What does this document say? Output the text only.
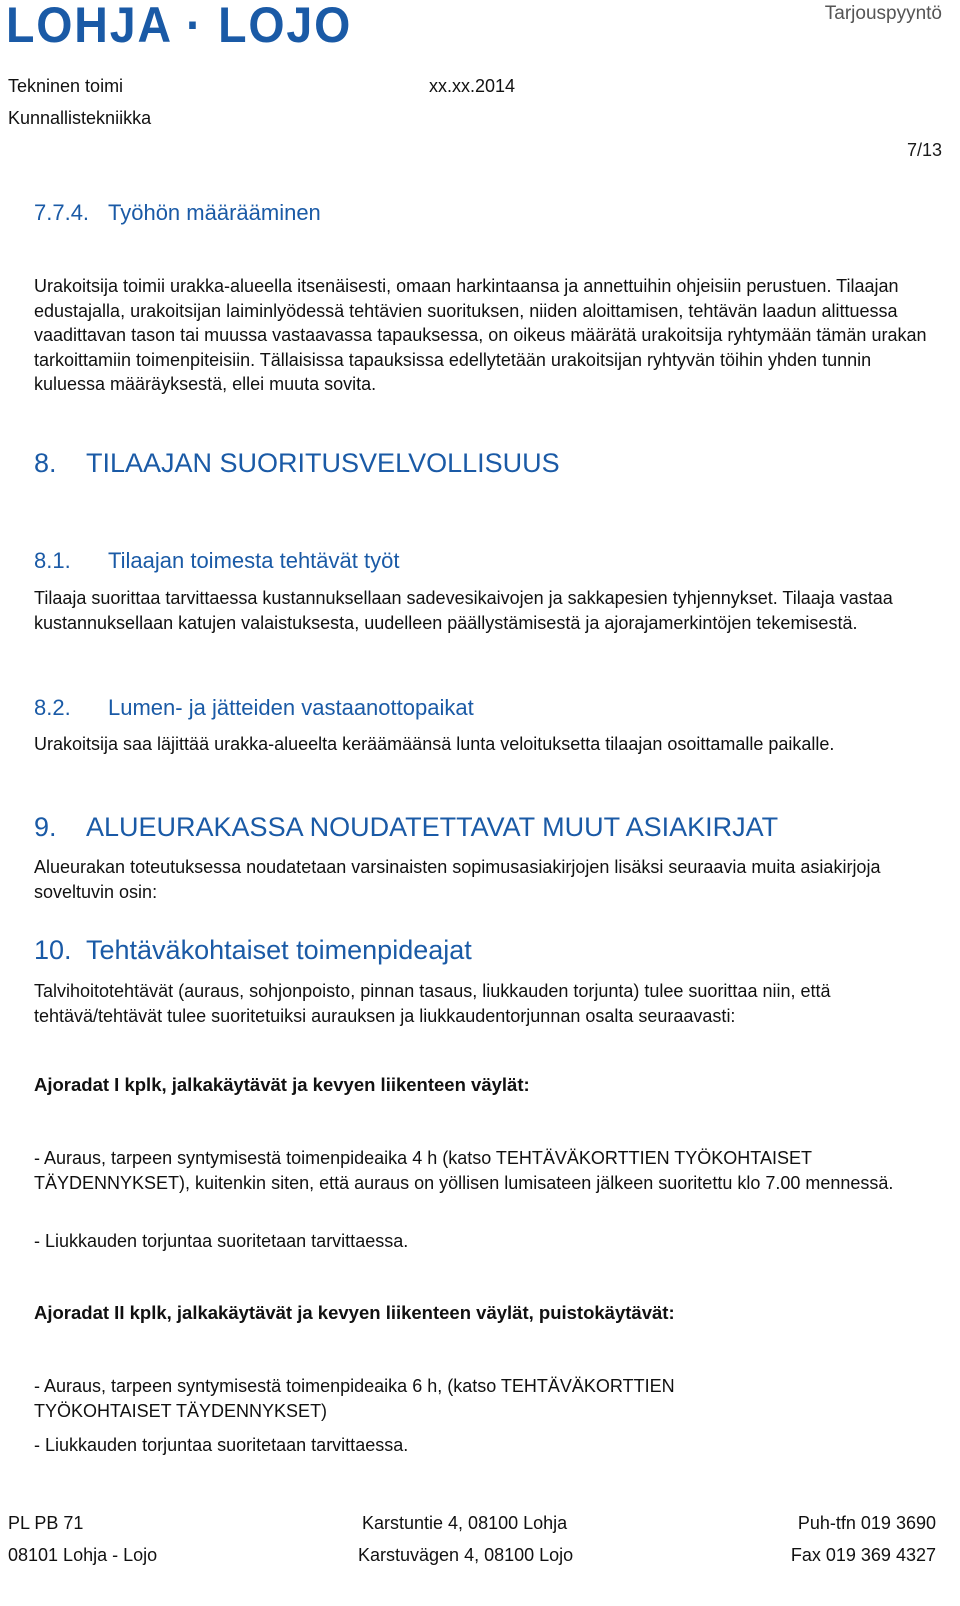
LOHJA · LOJO	Tarjouspyyntö
Tekninen toimi
Kunnallistekniikka
xx.xx.2014
7/13
7.7.4. Työhön määrääminen
Urakoitsija toimii urakka-alueella itsenäisesti, omaan harkintaansa ja annettuihin ohjeisiin perustuen. Tilaajan edustajalla, urakoitsijan laiminlyödessä tehtävien suorituksen, niiden aloittamisen, tehtävän laadun alittuessa vaadittavan tason tai muussa vastaavassa tapauksessa, on oikeus määrätä urakoitsija ryhtymään tämän urakan tarkoittamiin toimenpiteisiin. Tällaisissa tapauksissa edellytetään urakoitsijan ryhtyvän töihin yhden tunnin kuluessa määräyksestä, ellei muuta sovita.
8. TILAAJAN SUORITUSVELVOLLISUUS
8.1. Tilaajan toimesta tehtävät työt
Tilaaja suorittaa tarvittaessa kustannuksellaan sadevesikaivojen ja sakkapesien tyhjennykset. Tilaaja vastaa kustannuksellaan katujen valaistuksesta, uudelleen päällystämisestä ja ajorajamerkintöjen tekemisestä.
8.2. Lumen- ja jätteiden vastaanottopaikat
Urakoitsija saa läjittää urakka-alueelta keräämäänsä lunta veloituksetta tilaajan osoittamalle paikalle.
9. ALUEURAKASSA NOUDATETTAVAT MUUT ASIAKIRJAT
Alueurakan toteutuksessa noudatetaan varsinaisten sopimusasiakirjojen lisäksi seuraavia muita asiakirjoja soveltuvin osin:
10. Tehtäväkohtaiset toimenpideajat
Talvihoitotehtävät (auraus, sohjonpoisto, pinnan tasaus, liukkauden torjunta) tulee suorittaa niin, että tehtävä/tehtävät tulee suoritetuiksi aurauksen ja liukkaudentorjunnan osalta seuraavasti:
Ajoradat I kplk, jalkakäytävät ja kevyen liikenteen väylät:
- Auraus, tarpeen syntymisestä toimenpideaika 4 h (katso TEHTÄVÄKORTTIEN TYÖKOHTAISET TÄYDENNYKSET), kuitenkin siten, että auraus on yöllisen lumisateen jälkeen suoritettu klo 7.00 mennessä.
- Liukkauden torjuntaa suoritetaan tarvittaessa.
Ajoradat II kplk, jalkakäytävät ja kevyen liikenteen väylät, puistokäytävät:
- Auraus, tarpeen syntymisestä toimenpideaika 6 h, (katso TEHTÄVÄKORTTIEN TYÖKOHTAISET TÄYDENNYKSET)
- Liukkauden torjuntaa suoritetaan tarvittaessa.
PL PB 71
08101 Lohja - Lojo
Karstuntie 4, 08100 Lohja
Karstuvägen 4, 08100 Lojo
Puh-tfn 019 3690
Fax 019 369 4327
